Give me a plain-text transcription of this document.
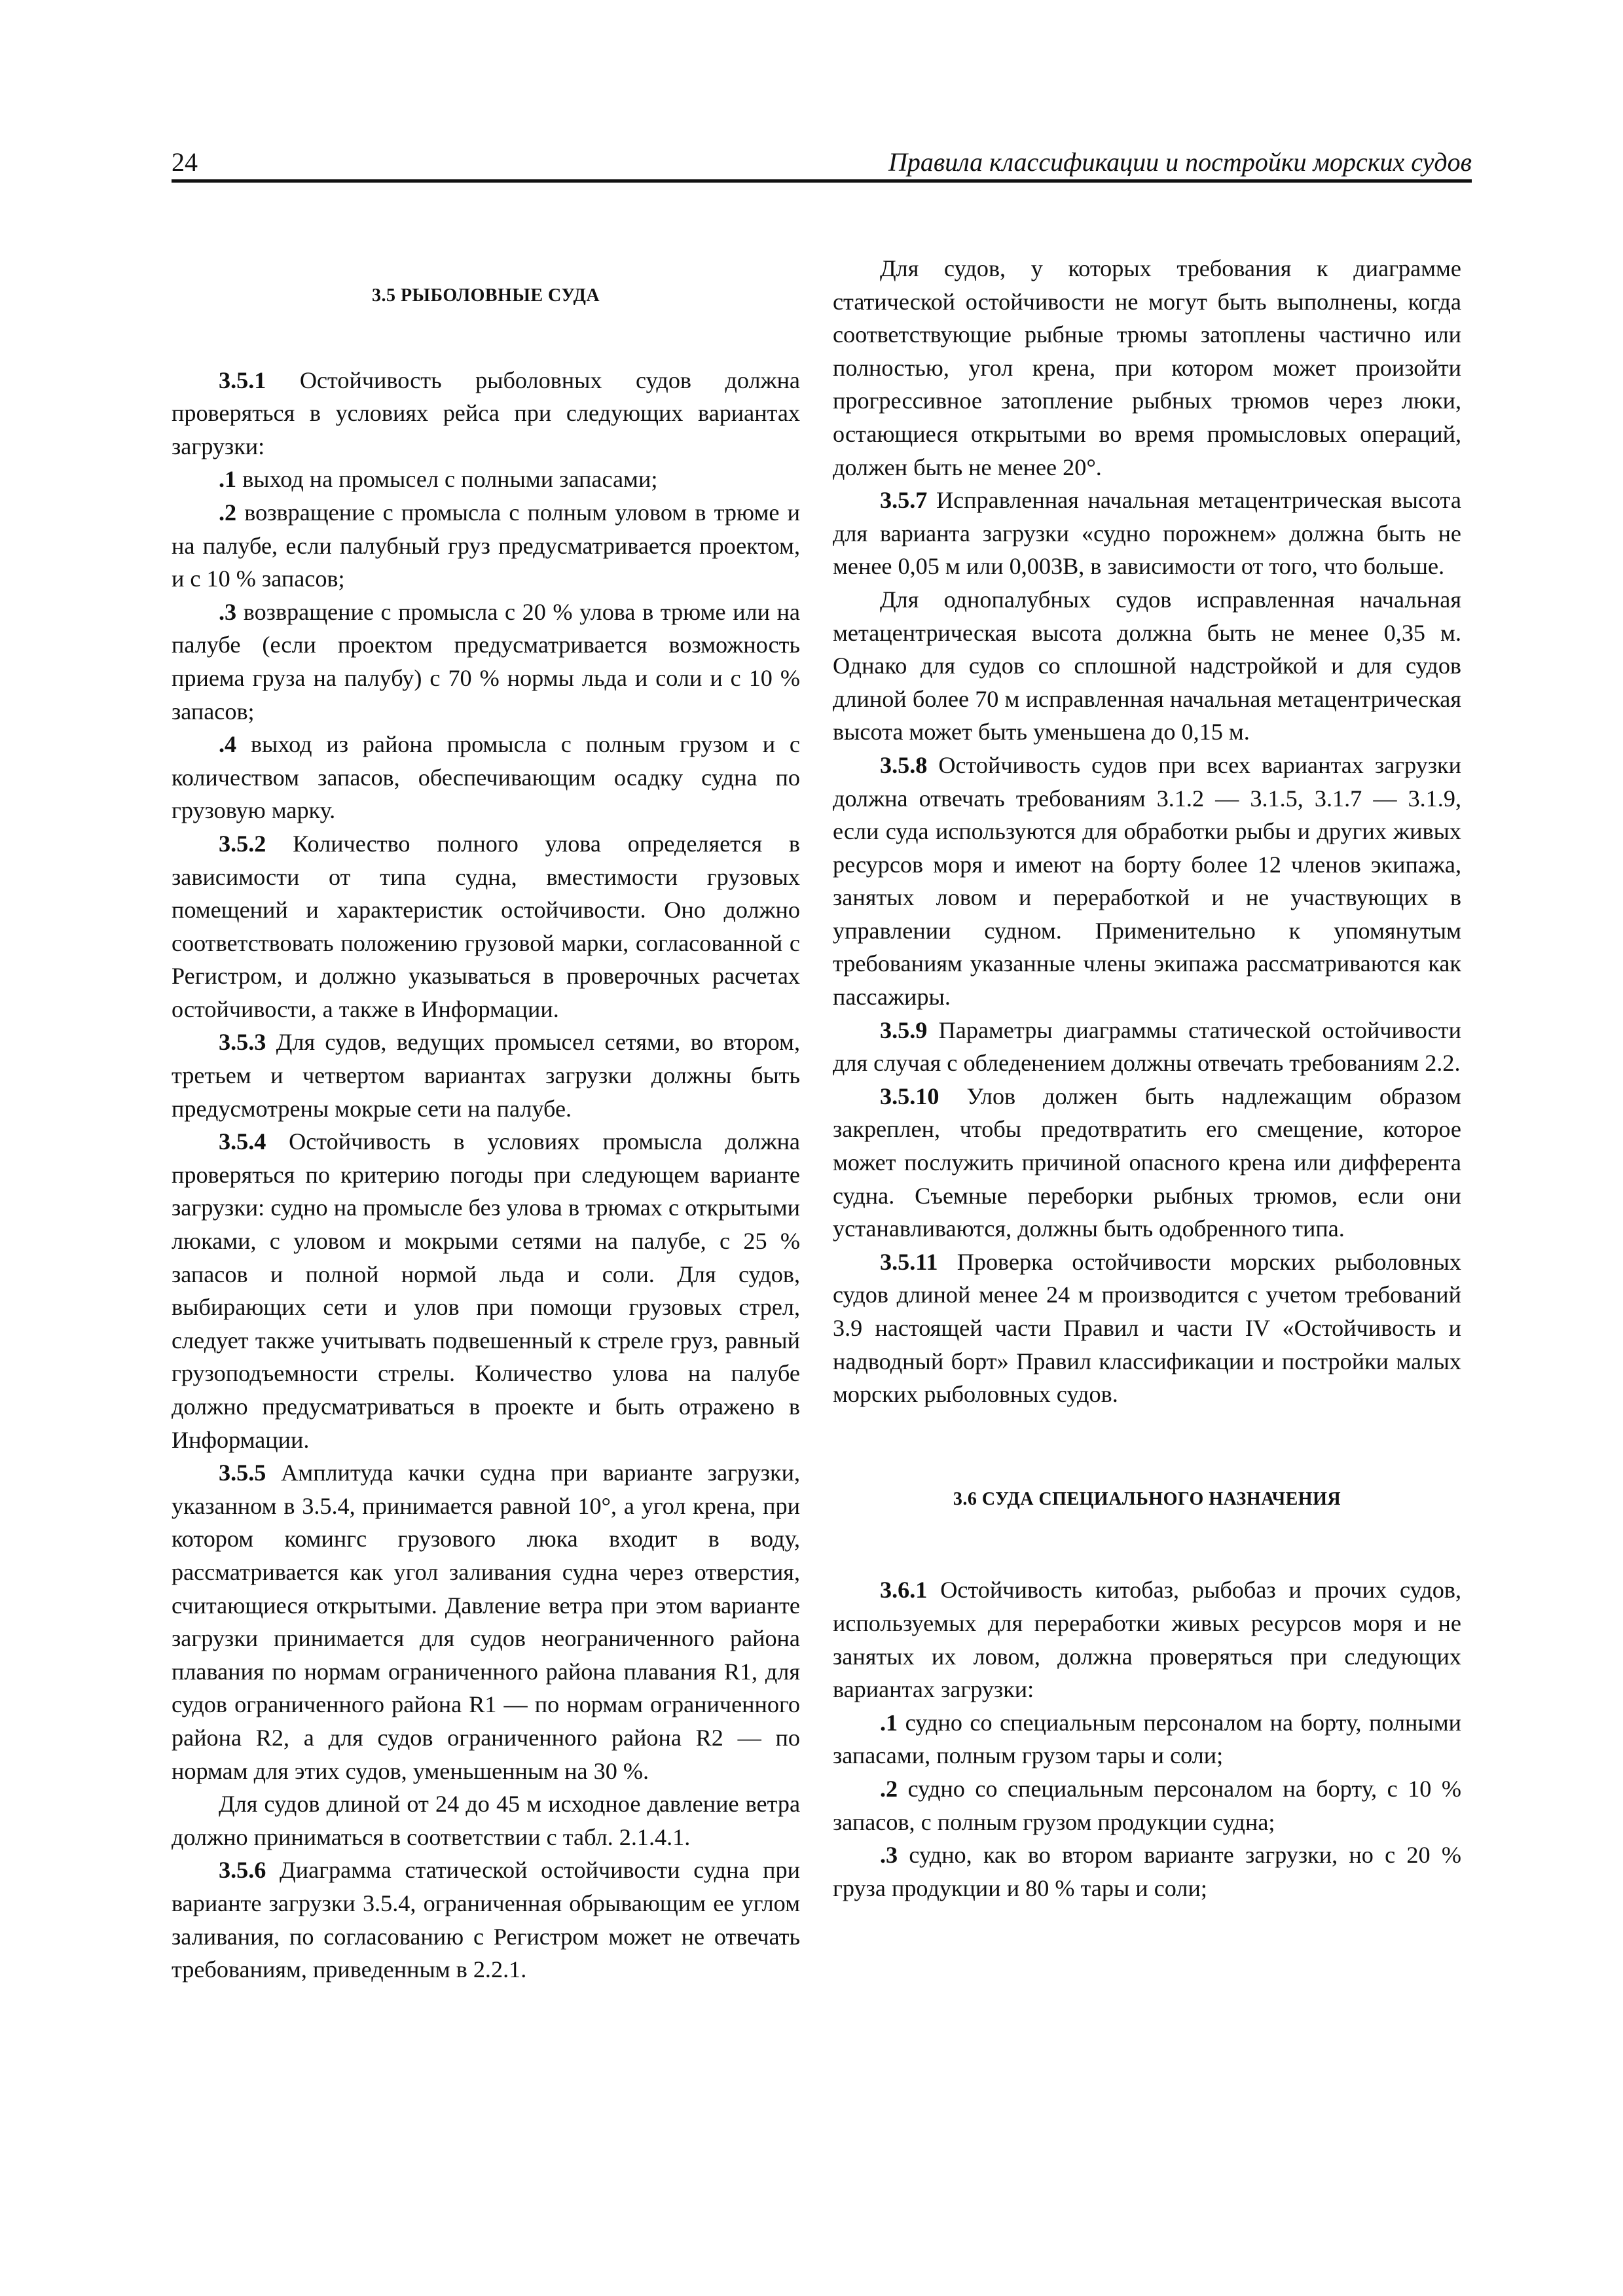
24	Правила классификации и постройки морских судов
3.5 РЫБОЛОВНЫЕ СУДА

3.5.1 Остойчивость рыболовных судов должна проверяться в условиях рейса при следующих вариантах загрузки:

.1 выход на промысел с полными запасами;

.2 возвращение с промысла с полным уловом в трюме и на палубе, если палубный груз предусматривается проектом, и с 10 % запасов;

.3 возвращение с промысла с 20 % улова в трюме или на палубе (если проектом предусматривается возможность приема груза на палубу) с 70 % нормы льда и соли и с 10 % запасов;

.4 выход из района промысла с полным грузом и с количеством запасов, обеспечивающим осадку судна по грузовую марку.

3.5.2 Количество полного улова определяется в зависимости от типа судна, вместимости грузовых помещений и характеристик остойчивости. Оно должно соответствовать положению грузовой марки, согласованной с Регистром, и должно указываться в проверочных расчетах остойчивости, а также в Информации.

3.5.3 Для судов, ведущих промысел сетями, во втором, третьем и четвертом вариантах загрузки должны быть предусмотрены мокрые сети на палубе.

3.5.4 Остойчивость в условиях промысла должна проверяться по критерию погоды при следующем варианте загрузки: судно на промысле без улова в трюмах с открытыми люками, с уловом и мокрыми сетями на палубе, с 25 % запасов и полной нормой льда и соли. Для судов, выбирающих сети и улов при помощи грузовых стрел, следует также учитывать подвешенный к стреле груз, равный грузоподъемности стрелы. Количество улова на палубе должно предусматриваться в проекте и быть отражено в Информации.

3.5.5 Амплитуда качки судна при варианте загрузки, указанном в 3.5.4, принимается равной 10°, а угол крена, при котором комингс грузового люка входит в воду, рассматривается как угол заливания судна через отверстия, считающиеся открытыми. Давление ветра при этом варианте загрузки принимается для судов неограниченного района плавания по нормам ограниченного района плавания R1, для судов ограниченного района R1 — по нормам ограниченного района R2, а для судов ограниченного района R2 — по нормам для этих судов, уменьшенным на 30 %.

Для судов длиной от 24 до 45 м исходное давление ветра должно приниматься в соответствии с табл. 2.1.4.1.

3.5.6 Диаграмма статической остойчивости судна при варианте загрузки 3.5.4, ограниченная обрывающим ее углом заливания, по согласованию с Регистром может не отвечать требованиям, приведенным в 2.2.1.

Для судов, у которых требования к диаграмме статической остойчивости не могут быть выполнены, когда соответствующие рыбные трюмы затоплены частично или полностью, угол крена, при котором может произойти прогрессивное затопление рыбных трюмов через люки, остающиеся открытыми во время промысловых операций, должен быть не менее 20°.

3.5.7 Исправленная начальная метацентрическая высота для варианта загрузки «судно порожнем» должна быть не менее 0,05 м или 0,003B, в зависимости от того, что больше.

Для однопалубных судов исправленная начальная метацентрическая высота должна быть не менее 0,35 м. Однако для судов со сплошной надстройкой и для судов длиной более 70 м исправленная начальная метацентрическая высота может быть уменьшена до 0,15 м.

3.5.8 Остойчивость судов при всех вариантах загрузки должна отвечать требованиям 3.1.2 — 3.1.5, 3.1.7 — 3.1.9, если суда используются для обработки рыбы и других живых ресурсов моря и имеют на борту более 12 членов экипажа, занятых ловом и переработкой и не участвующих в управлении судном. Применительно к упомянутым требованиям указанные члены экипажа рассматриваются как пассажиры.

3.5.9 Параметры диаграммы статической остойчивости для случая с обледенением должны отвечать требованиям 2.2.

3.5.10 Улов должен быть надлежащим образом закреплен, чтобы предотвратить его смещение, которое может послужить причиной опасного крена или дифферента судна. Съемные переборки рыбных трюмов, если они устанавливаются, должны быть одобренного типа.

3.5.11 Проверка остойчивости морских рыболовных судов длиной менее 24 м производится с учетом требований 3.9 настоящей части Правил и части IV «Остойчивость и надводный борт» Правил классификации и постройки малых морских рыболовных судов.

3.6 СУДА СПЕЦИАЛЬНОГО НАЗНАЧЕНИЯ

3.6.1 Остойчивость китобаз, рыбобаз и прочих судов, используемых для переработки живых ресурсов моря и не занятых их ловом, должна проверяться при следующих вариантах загрузки:

.1 судно со специальным персоналом на борту, полными запасами, полным грузом тары и соли;

.2 судно со специальным персоналом на борту, с 10 % запасов, с полным грузом продукции судна;

.3 судно, как во втором варианте загрузки, но с 20 % груза продукции и 80 % тары и соли;
